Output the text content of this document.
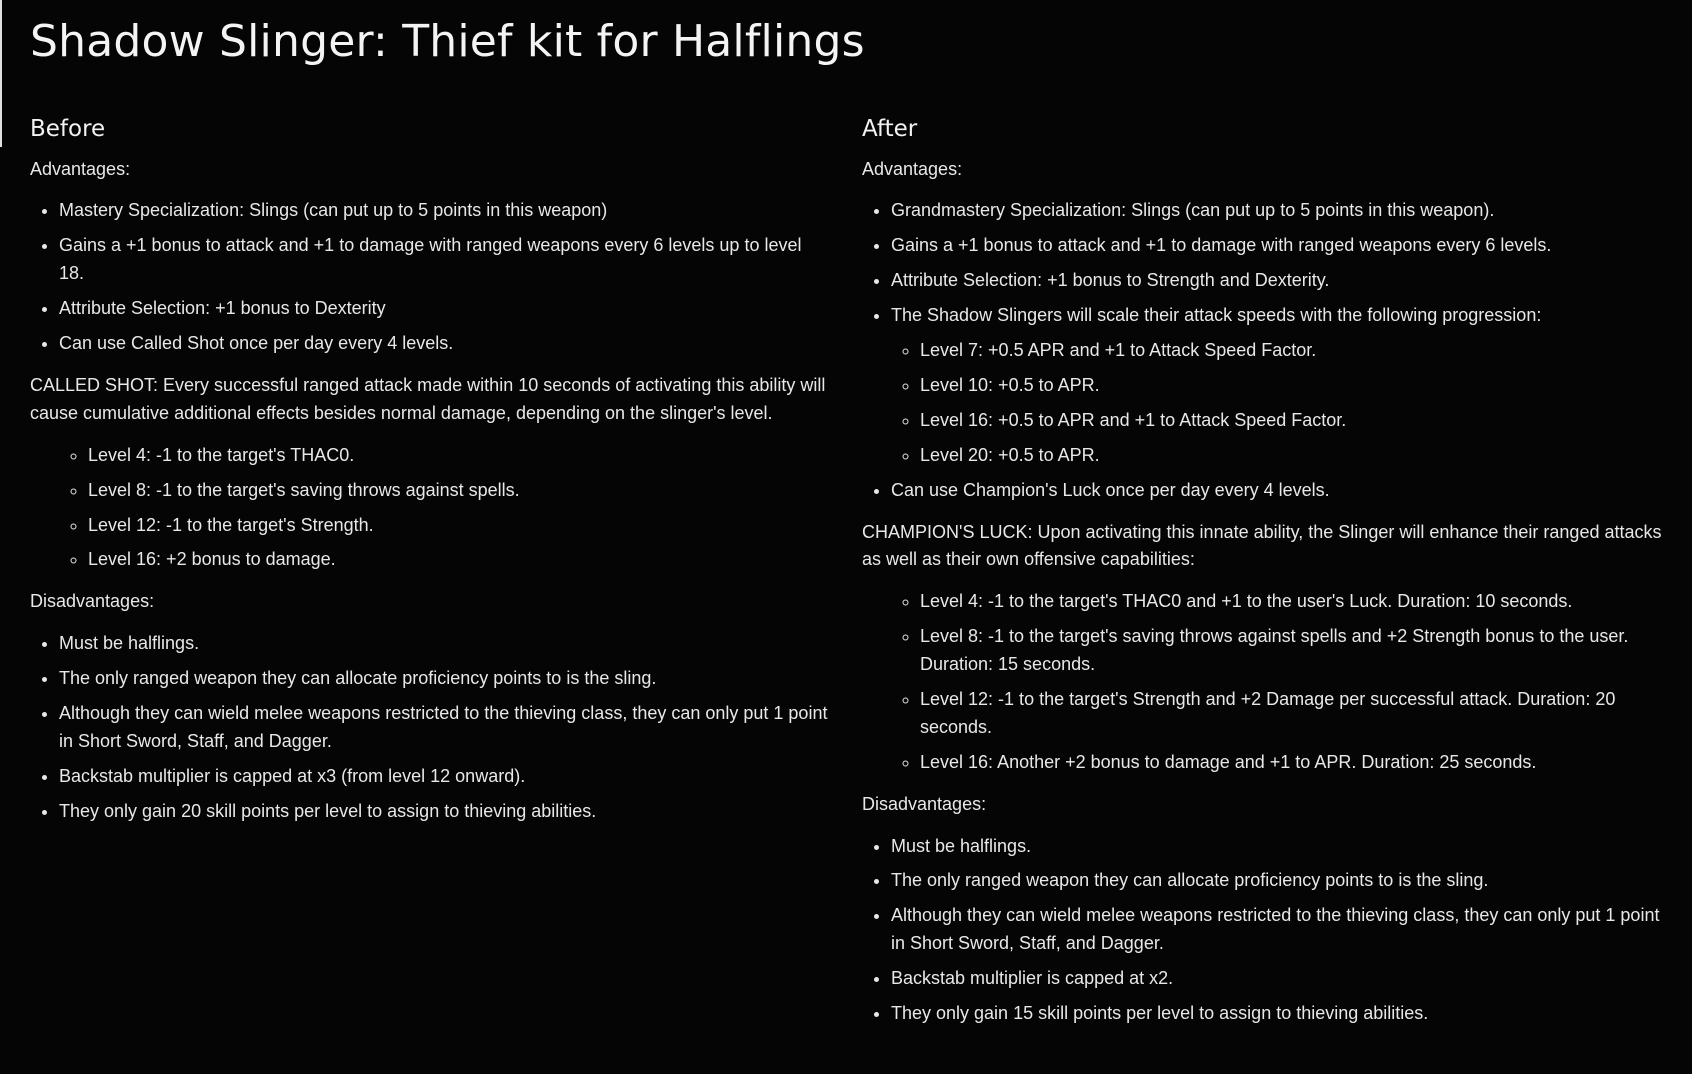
Shadow Slinger: Thief kit for Halflings
Before

Advantages:

• Mastery Specialization: Slings (can put up to 5 points in this weapon)
• Gains a +1 bonus to attack and +1 to damage with ranged weapons every 6 levels up to level 18.
• Attribute Selection: +1 bonus to Dexterity
• Can use Called Shot once per day every 4 levels.

CALLED SHOT: Every successful ranged attack made within 10 seconds of activating this ability will cause cumulative additional effects besides normal damage, depending on the slinger's level.

◦ Level 4: -1 to the target's THAC0.
◦ Level 8: -1 to the target's saving throws against spells.
◦ Level 12: -1 to the target's Strength.
◦ Level 16: +2 bonus to damage.

Disadvantages:

• Must be halflings.
• The only ranged weapon they can allocate proficiency points to is the sling.
• Although they can wield melee weapons restricted to the thieving class, they can only put 1 point in Short Sword, Staff, and Dagger.
• Backstab multiplier is capped at x3 (from level 12 onward).
• They only gain 20 skill points per level to assign to thieving abilities.
After

Advantages:

• Grandmastery Specialization: Slings (can put up to 5 points in this weapon).
• Gains a +1 bonus to attack and +1 to damage with ranged weapons every 6 levels.
• Attribute Selection: +1 bonus to Strength and Dexterity.
• The Shadow Slingers will scale their attack speeds with the following progression:
◦ Level 7: +0.5 APR and +1 to Attack Speed Factor.
◦ Level 10: +0.5 to APR.
◦ Level 16: +0.5 to APR and +1 to Attack Speed Factor.
◦ Level 20: +0.5 to APR.
• Can use Champion's Luck once per day every 4 levels.

CHAMPION'S LUCK: Upon activating this innate ability, the Slinger will enhance their ranged attacks as well as their own offensive capabilities:

◦ Level 4: -1 to the target's THAC0 and +1 to the user's Luck. Duration: 10 seconds.
◦ Level 8: -1 to the target's saving throws against spells and +2 Strength bonus to the user. Duration: 15 seconds.
◦ Level 12: -1 to the target's Strength and +2 Damage per successful attack. Duration: 20 seconds.
◦ Level 16: Another +2 bonus to damage and +1 to APR. Duration: 25 seconds.

Disadvantages:

• Must be halflings.
• The only ranged weapon they can allocate proficiency points to is the sling.
• Although they can wield melee weapons restricted to the thieving class, they can only put 1 point in Short Sword, Staff, and Dagger.
• Backstab multiplier is capped at x2.
• They only gain 15 skill points per level to assign to thieving abilities.
